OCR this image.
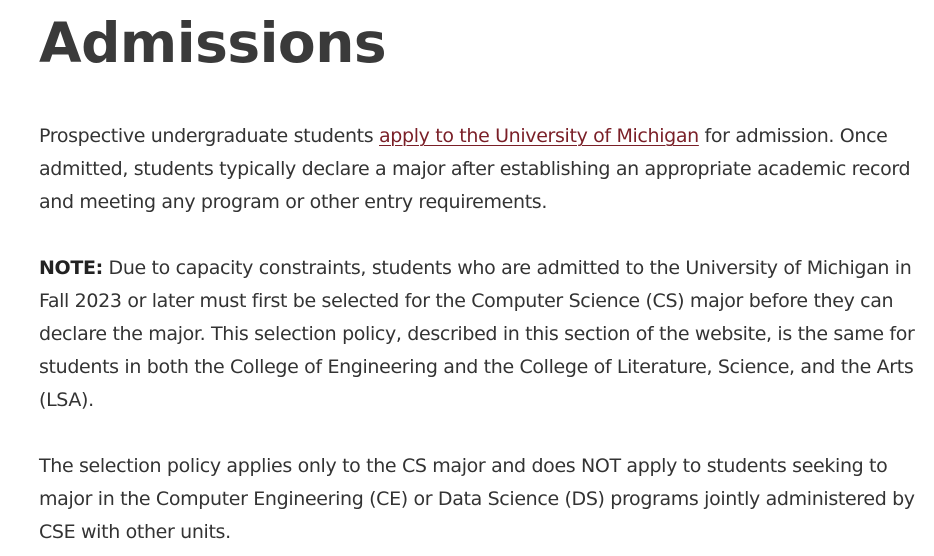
Admissions

Prospective undergraduate students apply to the University of Michigan for admission. Once admitted, students typically declare a major after establishing an appropriate academic record and meeting any program or other entry requirements.

NOTE: Due to capacity constraints, students who are admitted to the University of Michigan in Fall 2023 or later must first be selected for the Computer Science (CS) major before they can declare the major. This selection policy, described in this section of the website, is the same for students in both the College of Engineering and the College of Literature, Science, and the Arts (LSA).

The selection policy applies only to the CS major and does NOT apply to students seeking to major in the Computer Engineering (CE) or Data Science (DS) programs jointly administered by CSE with other units.
